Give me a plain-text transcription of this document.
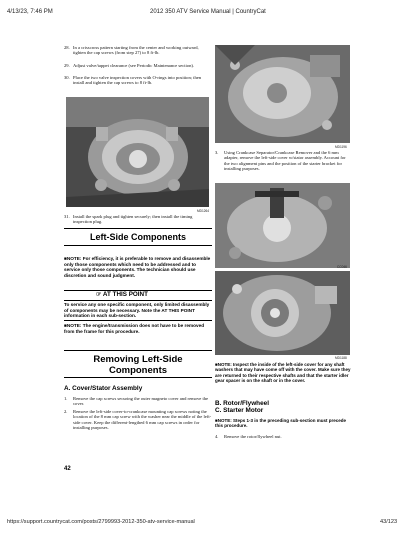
4/13/23, 7:46 PM	2012 350 ATV Service Manual | CountryCat
28. In a crisscross pattern starting from the center and working outward, tighten the cap screws (from step 27) to 8 ft-lb.
29. Adjust valve/tappet clearance (see Periodic Maintenance section).
30. Place the two valve inspection covers with O-rings into position; then install and tighten the cap screws to 8 ft-lb.
MD1264
31. Install the spark plug and tighten securely; then install the timing inspection plug.
Left-Side Components
■NOTE: For efficiency, it is preferable to remove and disassemble only those components which need to be addressed and to service only those components. The technician should use discretion and sound judgment.
☞ AT THIS POINT
To service any one specific component, only limited disassembly of components may be necessary. Note the AT THIS POINT information in each sub-section.
■NOTE: The engine/transmission does not have to be removed from the frame for this procedure.
Removing Left-Side Components
A. Cover/Stator Assembly
1. Remove the cap screws securing the outer magneto cover and remove the cover.
2. Remove the left-side cover-to-crankcase mounting cap screws noting the location of the 8 mm cap screw with the washer near the middle of the left-side cover. Keep the different-lengthed 6 mm cap screws in order for installing purposes.
42
MD1196
3. Using Crankcase Separator/Crankcase Remover and the 6 mm adapter, remove the left-side cover w/stator assembly. Account for the two alignment pins and the position of the starter bracket for installing purposes.
CC046
MD1188
■NOTE: Inspect the inside of the left-side cover for any shaft washers that may have come off with the cover. Make sure they are returned to their respective shafts and that the starter idler gear spacer is on the shaft or in the cover.
B. Rotor/Flywheel
C. Starter Motor
■NOTE: Steps 1-3 in the preceding sub-section must precede this procedure.
4. Remove the rotor/flywheel nut.
https://support.countrycat.com/posts/2799993-2012-350-atv-service-manual	43/123
